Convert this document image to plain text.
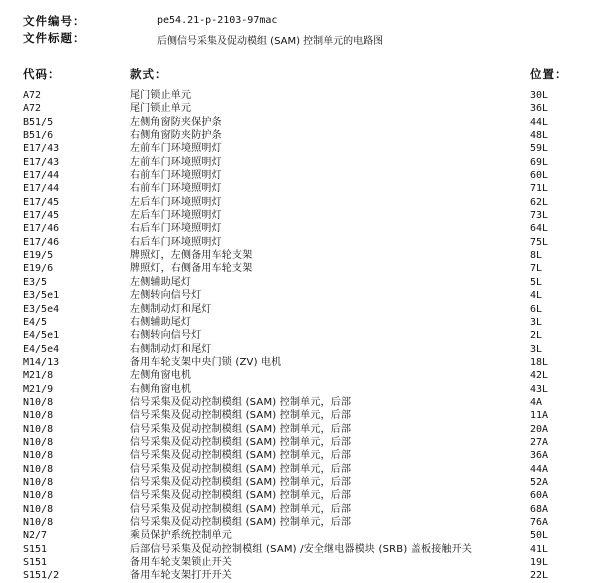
文件编号：	pe54.21-p-2103-97mac
文件标题：	后侧信号采集及促动模组 (SAM) 控制单元的电路图
代码：	款式：	位置：
A72	尾门锁止单元	30L
A72	尾门锁止单元	36L
B51/5	左侧角窗防夹保护条	44L
B51/6	右侧角窗防夹防护条	48L
E17/43	左前车门环境照明灯	59L
E17/43	左前车门环境照明灯	69L
E17/44	右前车门环境照明灯	60L
E17/44	右前车门环境照明灯	71L
E17/45	左后车门环境照明灯	62L
E17/45	左后车门环境照明灯	73L
E17/46	右后车门环境照明灯	64L
E17/46	右后车门环境照明灯	75L
E19/5	牌照灯，左侧备用车轮支架	8L
E19/6	牌照灯，右侧备用车轮支架	7L
E3/5	左侧辅助尾灯	5L
E3/5e1	左侧转向信号灯	4L
E3/5e4	左侧制动灯和尾灯	6L
E4/5	右侧辅助尾灯	3L
E4/5e1	右侧转向信号灯	2L
E4/5e4	右侧制动灯和尾灯	3L
M14/13	备用车轮支架中央门锁 (ZV) 电机	18L
M21/8	左侧角窗电机	42L
M21/9	右侧角窗电机	43L
N10/8	信号采集及促动控制模组 (SAM) 控制单元，后部	4A
N10/8	信号采集及促动控制模组 (SAM) 控制单元，后部	11A
N10/8	信号采集及促动控制模组 (SAM) 控制单元，后部	20A
N10/8	信号采集及促动控制模组 (SAM) 控制单元，后部	27A
N10/8	信号采集及促动控制模组 (SAM) 控制单元，后部	36A
N10/8	信号采集及促动控制模组 (SAM) 控制单元，后部	44A
N10/8	信号采集及促动控制模组 (SAM) 控制单元，后部	52A
N10/8	信号采集及促动控制模组 (SAM) 控制单元，后部	60A
N10/8	信号采集及促动控制模组 (SAM) 控制单元，后部	68A
N10/8	信号采集及促动控制模组 (SAM) 控制单元，后部	76A
N2/7	乘员保护系统控制单元	50L
S151	后部信号采集及促动控制模组 (SAM) /安全继电器模块 (SRB) 盖板接触开关	41L
S151	备用车轮支架锁止开关	19L
S151/2	备用车轮支架打开开关	22L
